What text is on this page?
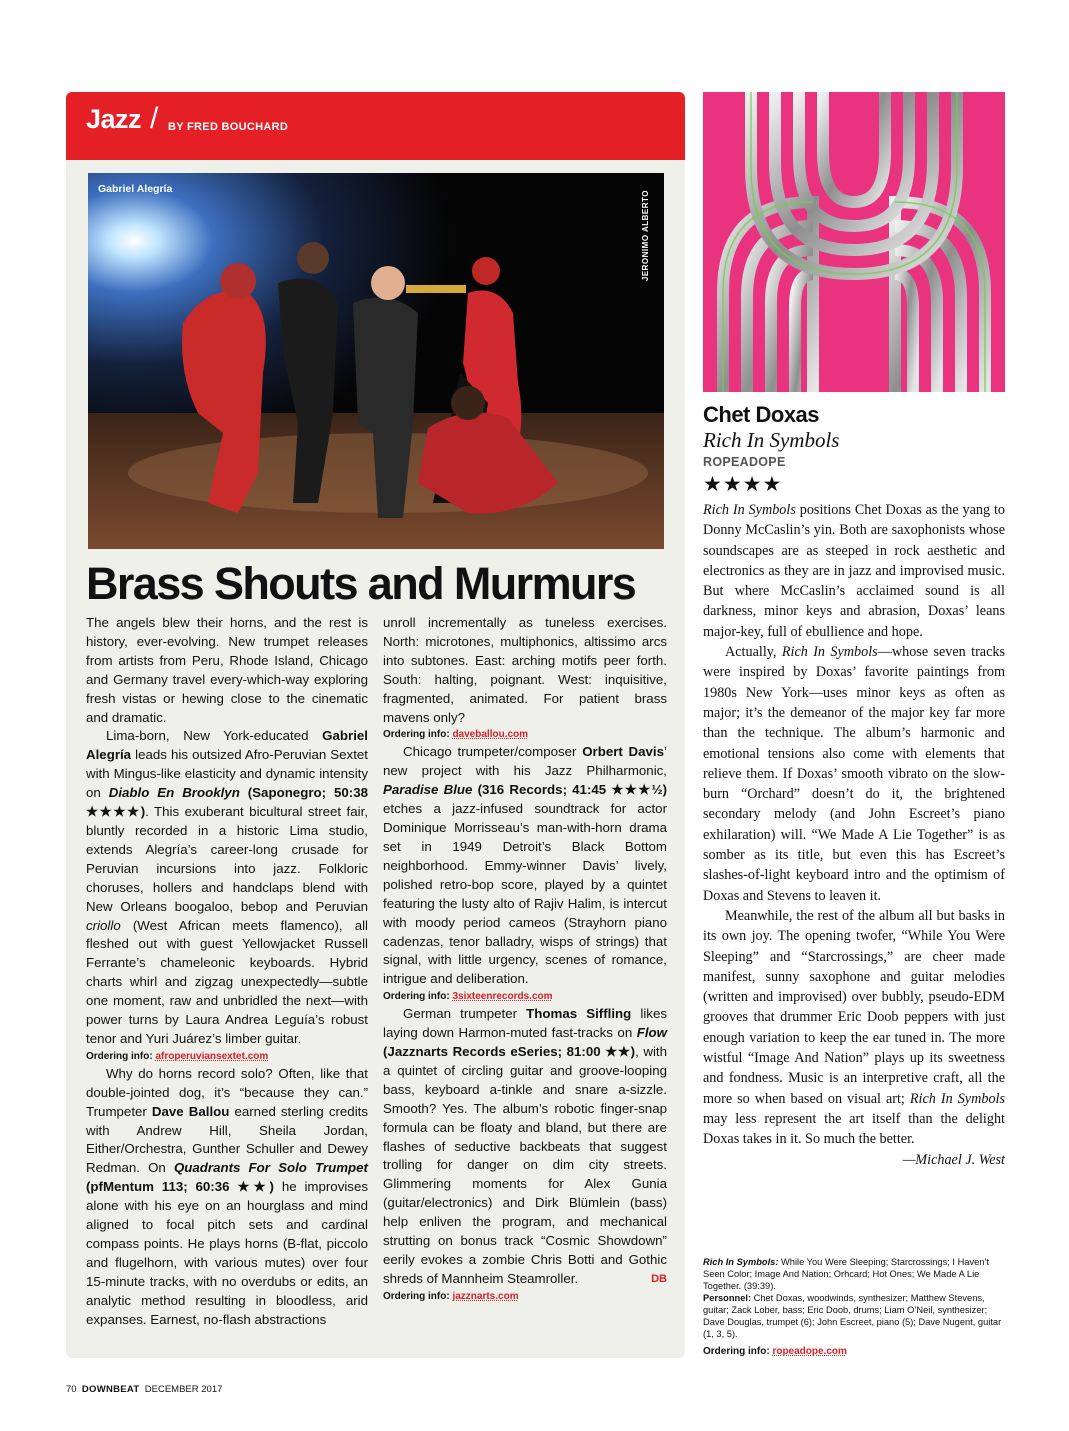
Jazz / BY FRED BOUCHARD
Gabriel Alegría
JERONIMO ALBERTO
Brass Shouts and Murmurs

The angels blew their horns, and the rest is history, ever-evolving. New trumpet releases from artists from Peru, Rhode Island, Chicago and Germany travel every-which-way exploring fresh vistas or hewing close to the cinematic and dramatic.

Lima-born, New York-educated Gabriel Alegría leads his outsized Afro-Peruvian Sextet with Mingus-like elasticity and dynamic intensity on Diablo En Brooklyn (Saponegro; 50:38 ★★★★). This exuberant bicultural street fair, bluntly recorded in a historic Lima studio, extends Alegría’s career-long crusade for Peruvian incursions into jazz. Folkloric choruses, hollers and handclaps blend with New Orleans boogaloo, bebop and Peruvian criollo (West African meets flamenco), all fleshed out with guest Yellowjacket Russell Ferrante’s chameleonic keyboards. Hybrid charts whirl and zigzag unexpectedly—subtle one moment, raw and unbridled the next—with power turns by Laura Andrea Leguía’s robust tenor and Yuri Juárez’s limber guitar.

Ordering info: afroperuviansextet.com

Why do horns record solo? Often, like that double-jointed dog, it’s “because they can.” Trumpeter Dave Ballou earned sterling credits with Andrew Hill, Sheila Jordan, Either/Orchestra, Gunther Schuller and Dewey Redman. On Quadrants For Solo Trumpet (pfMentum 113; 60:36 ★★) he improvises alone with his eye on an hourglass and mind aligned to focal pitch sets and cardinal compass points. He plays horns (B-flat, piccolo and flugelhorn, with various mutes) over four 15-minute tracks, with no overdubs or edits, an analytic method resulting in bloodless, arid expanses. Earnest, no-flash abstractions

unroll incrementally as tuneless exercises. North: microtones, multiphonics, altissimo arcs into subtones. East: arching motifs peer forth. South: halting, poignant. West: inquisitive, fragmented, animated. For patient brass mavens only?

Ordering info: daveballou.com

Chicago trumpeter/composer Orbert Davis’ new project with his Jazz Philharmonic, Paradise Blue (316 Records; 41:45 ★★★½) etches a jazz-infused soundtrack for actor Dominique Morrisseau’s man-with-horn drama set in 1949 Detroit’s Black Bottom neighborhood. Emmy-winner Davis’ lively, polished retro-bop score, played by a quintet featuring the lusty alto of Rajiv Halim, is intercut with moody period cameos (Strayhorn piano cadenzas, tenor balladry, wisps of strings) that signal, with little urgency, scenes of romance, intrigue and deliberation.

Ordering info: 3sixteenrecords.com

German trumpeter Thomas Siffling likes laying down Harmon-muted fast-tracks on Flow (Jazznarts Records eSeries; 81:00 ★★), with a quintet of circling guitar and groove-looping bass, keyboard a-tinkle and snare a-sizzle. Smooth? Yes. The album’s robotic finger-snap formula can be floaty and bland, but there are flashes of seductive backbeats that suggest trolling for danger on dim city streets. Glimmering moments for Alex Gunia (guitar/electronics) and Dirk Blümlein (bass) help enliven the program, and mechanical strutting on bonus track “Cosmic Showdown” eerily evokes a zombie Chris Botti and Gothic shreds of Mannheim Steamroller.	DB

Ordering info: jazznarts.com

Chet Doxas
Rich In Symbols
ROPEADOPE
★★★★

Rich In Symbols positions Chet Doxas as the yang to Donny McCaslin’s yin. Both are saxophonists whose soundscapes are as steeped in rock aesthetic and electronics as they are in jazz and improvised music. But where McCaslin’s acclaimed sound is all darkness, minor keys and abrasion, Doxas’ leans major-key, full of ebullience and hope.

Actually, Rich In Symbols—whose seven tracks were inspired by Doxas’ favorite paintings from 1980s New York—uses minor keys as often as major; it’s the demeanor of the major key far more than the technique. The album’s harmonic and emotional tensions also come with elements that relieve them. If Doxas’ smooth vibrato on the slow-burn “Orchard” doesn’t do it, the brightened secondary melody (and John Escreet’s piano exhilaration) will. “We Made A Lie Together” is as somber as its title, but even this has Escreet’s slashes-of-light keyboard intro and the optimism of Doxas and Stevens to leaven it.

Meanwhile, the rest of the album all but basks in its own joy. The opening twofer, “While You Were Sleeping” and “Starcrossings,” are cheer made manifest, sunny saxophone and guitar melodies (written and improvised) over bubbly, pseudo-EDM grooves that drummer Eric Doob peppers with just enough variation to keep the ear tuned in. The more wistful “Image And Nation” plays up its sweetness and fondness. Music is an interpretive craft, all the more so when based on visual art; Rich In Symbols may less represent the art itself than the delight Doxas takes in it. So much the better.

—Michael J. West
Rich In Symbols: While You Were Sleeping; Starcrossings; I Haven’t Seen Color; Image And Nation; Orhcard; Hot Ones; We Made A Lie Together. (39:39).
Personnel: Chet Doxas, woodwinds, synthesizer; Matthew Stevens, guitar; Zack Lober, bass; Eric Doob, drums; Liam O’Neil, synthesizer; Dave Douglas, trumpet (6); John Escreet, piano (5); Dave Nugent, guitar (1, 3, 5).
Ordering info: ropeadope.com
70 DOWNBEAT DECEMBER 2017
